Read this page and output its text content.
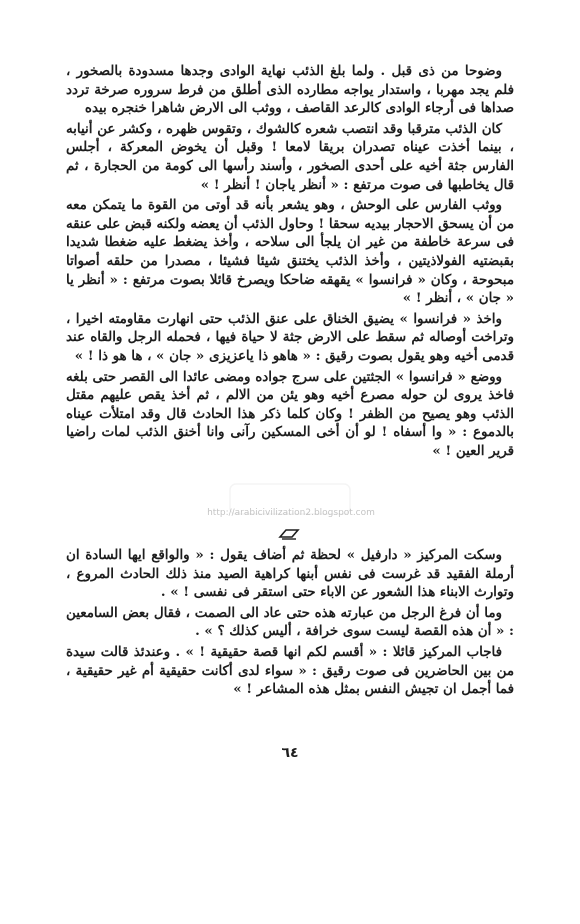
وضوحا من ذى قبل . ولما بلغ الذئب نهاية الوادى وجدها مسدودة بالصخور ، فلم يجد مهربا ، واستدار يواجه مطارده الذى أطلق من فرط سروره صرخة تردد صداها فى أرجاء الوادى كالرعد القاصف ، ووثب الى الارض شاهرا خنجره بيده

كان الذئب مترقبا وقد انتصب شعره كالشوك ، وتقوس ظهره ، وكشر عن أنيابه ، بينما أخذت عيناه تصدران بريقا لامعا ! وقبل أن يخوض المعركة ، أجلس الفارس جثة أخيه على أحدى الصخور ، وأسند رأسها الى كومة من الحجارة ، ثم قال يخاطبها فى صوت مرتفع : « أنظر ياجان ! أنظر ! »

ووثب الفارس على الوحش ، وهو يشعر بأنه قد أوتى من القوة ما يتمكن معه من أن يسحق الاحجار بيديه سحقا ! وحاول الذئب أن يعضه ولكنه قبض على عنقه فى سرعة خاطفة من غير ان يلجأ الى سلاحه ، وأخذ يضغط عليه ضغطا شديدا بقبضتيه الفولاذيتين ، وأخذ الذئب يختنق شيئا فشيئا ، مصدرا من حلقه أصواتا مبحوحة ، وكان « فرانسوا » يقهقه ضاحكا ويصرخ قائلا بصوت مرتفع : « أنظر يا « جان » ، أنظر ! »

واخذ « فرانسوا » يضيق الخناق على عنق الذئب حتى انهارت مقاومته اخيرا ، وتراخت أوصاله ثم سقط على الارض جثة لا حياة فيها ، فحمله الرجل والقاه عند قدمى أخيه وهو يقول بصوت رقيق : « هاهو ذا ياعزيزى « جان » ، ها هو ذا ! »

ووضع « فرانسوا » الجثتين على سرج جواده ومضى عائدا الى القصر حتى بلغه فاخذ يروى لن حوله مصرع أخيه وهو يئن من الالم ، ثم أخذ يقص عليهم مقتل الذئب وهو يصيح من الظفر ! وكان كلما ذكر هذا الحادث قال وقد امتلأت عيناه بالدموع : « وا أسفاه ! لو أن أخى المسكين رآنى وانا أخنق الذئب لمات راضيا قرير العين ! »

http://arabicivilization2.blogspot.com

وسكت المركيز « دارفيل » لحظة ثم أضاف يقول : « والواقع ايها السادة ان أرملة الفقيد قد غرست فى نفس أبنها كراهية الصيد منذ ذلك الحادث المروع ، وتوارث الابناء هذا الشعور عن الاباء حتى استقر فى نفسى ! » .

وما أن فرغ الرجل من عبارته هذه حتى عاد الى الصمت ، فقال بعض السامعين : « أن هذه القصة ليست سوى خرافة ، أليس كذلك ؟ » .

فاجاب المركيز قائلا : « أقسم لكم انها قصة حقيقية ! » . وعندئذ قالت سيدة من بين الحاضرين فى صوت رقيق : « سواء لدى أكانت حقيقية أم غير حقيقية ، فما أجمل ان تجيش النفس بمثل هذه المشاعر ! »

٦٤
